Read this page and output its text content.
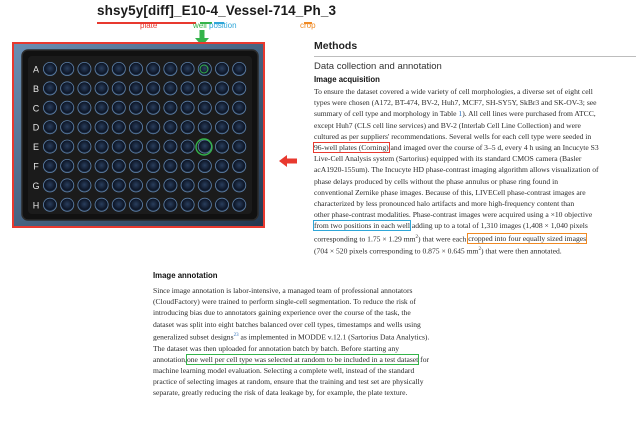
shsy5y[diff]_E10-4_Vessel-714_Ph_3
plate	well position	crop
A
B
C
D
E
F
G
H
Methods
Data collection and annotation
Image acquisition
To ensure the dataset covered a wide variety of cell morphologies, a diverse set of eight cell
types were chosen (A172, BT-474, BV-2, Huh7, MCF7, SH-SY5Y, SkBr3 and SK-OV-3; see
summary of cell type and morphology in Table 1). All cell lines were purchased from ATCC,
except Huh7 (CLS cell line services) and BV-2 (Interlab Cell Line Collection) and were
cultured as per suppliers' recommendations. Several wells for each cell type were seeded in
96-well plates (Corning) and imaged over the course of 3–5 d, every 4 h using an Incucyte S3
Live-Cell Analysis system (Sartorius) equipped with its standard CMOS camera (Basler
acA1920-155um). The Incucyte HD phase-contrast imaging algorithm allows visualization of
phase delays produced by cells without the phase annulus or phase ring found in
conventional Zernike phase images. Because of this, LIVECell phase-contrast images are
characterized by less pronounced halo artifacts and more high-frequency content than
other phase-contrast modalities. Phase-contrast images were acquired using a ×10 objective
from two positions in each well adding up to a total of 1,310 images (1,408 × 1,040 pixels
corresponding to 1.75 × 1.29 $mm^2$) that were each cropped into four equally sized images
(704 × 520 pixels corresponding to 0.875 × 0.645 $mm^2$) that were then annotated.
Image annotation
Since image annotation is labor-intensive, a managed team of professional annotators
(CloudFactory) were trained to perform single-cell segmentation. To reduce the risk of
introducing bias due to annotators gaining experience over the course of the task, the
dataset was split into eight batches balanced over cell types, timestamps and wells using
generalized subset designs$^{23}$ as implemented in MODDE v.12.1 (Sartorius Data Analytics).
The dataset was then uploaded for annotation batch by batch. Before starting any
annotation,one well per cell type was selected at random to be included in a test dataset for
machine learning model evaluation. Selecting a complete well, instead of the standard
practice of selecting images at random, ensure that the training and test set are physically
separate, greatly reducing the risk of data leakage by, for example, the plate texture.
